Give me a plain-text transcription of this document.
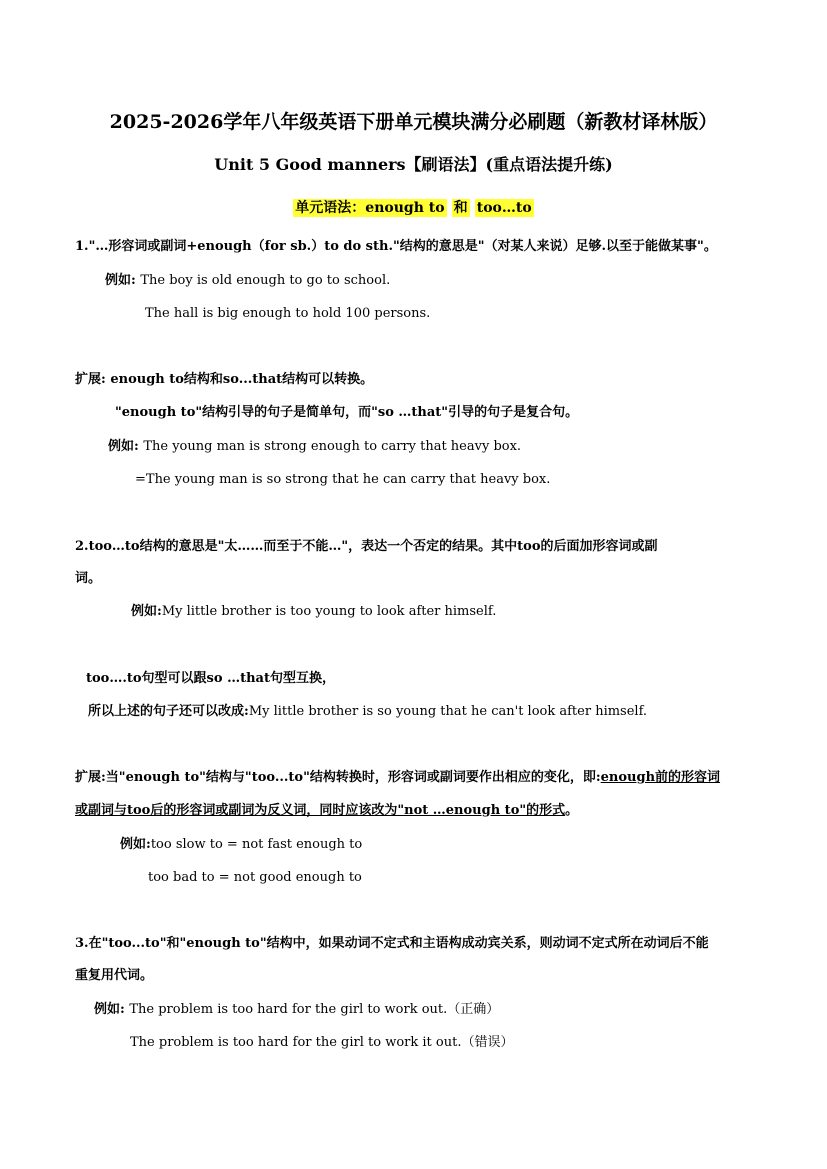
2025-2026学年八年级英语下册单元模块满分必刷题（新教材译林版）
Unit 5 Good manners【刷语法】(重点语法提升练)
单元语法：enough to 和 too…to
1."…形容词或副词+enough（for sb.）to do sth."结构的意思是"（对某人来说）足够.以至于能做某事"。
例如: The boy is old enough to go to school.
The hall is big enough to hold 100 persons.
扩展: enough to结构和so...that结构可以转换。
"enough to"结构引导的句子是简单句，而"so …that"引导的句子是复合句。
例如: The young man is strong enough to carry that heavy box.
=The young man is so strong that he can carry that heavy box.
2.too…to结构的意思是"太……而至于不能…"，表达一个否定的结果。其中too的后面加形容词或副
词。
例如:My little brother is too young to look after himself.
too….to句型可以跟so …that句型互换，
所以上述的句子还可以改成:My little brother is so young that he can't look after himself.
扩展:当"enough to"结构与"too...to"结构转换时，形容词或副词要作出相应的变化，即:enough前的形容词
或副词与too后的形容词或副词为反义词，同时应该改为"not …enough to"的形式。
例如:too slow to = not fast enough to
too bad to = not good enough to
3.在"too...to"和"enough to"结构中，如果动词不定式和主语构成动宾关系，则动词不定式所在动词后不能
重复用代词。
例如: The problem is too hard for the girl to work out.（正确）
The problem is too hard for the girl to work it out.（错误）
